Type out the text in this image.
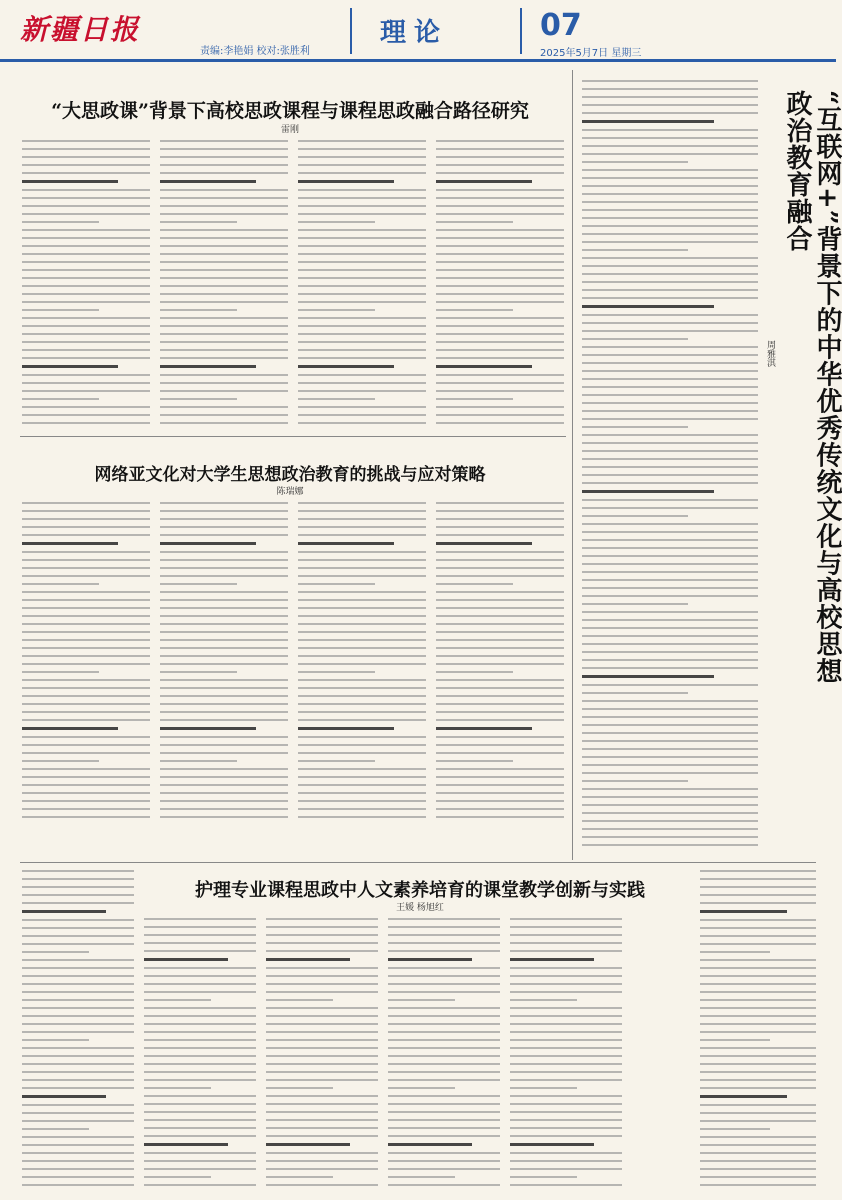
新疆日报
责编:李艳娟 校对:张胜利
理论	07
2025年5月7日 星期三
“大思政课”背景下高校思政课程与课程思政融合路径研究
雷刚
网络亚文化对大学生思想政治教育的挑战与应对策略
陈瑞娜	“互联网+”背景下的中华优秀传统文化与高校思想政治教育融合
周雅淇
护理专业课程思政中人文素养培育的课堂教学创新与实践
王媛 杨旭红
